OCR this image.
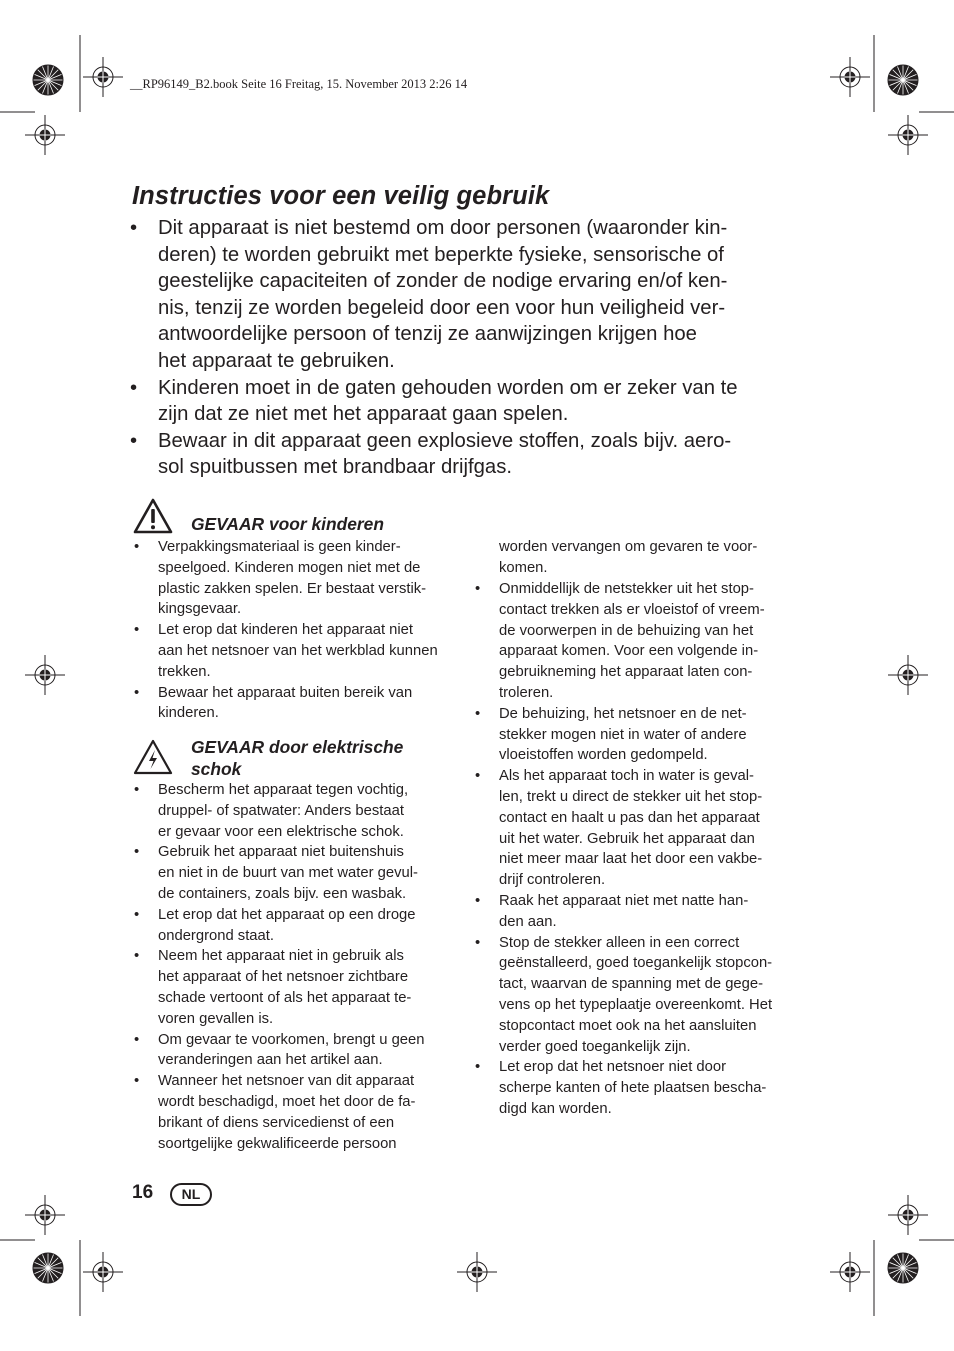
__RP96149_B2.book Seite 16 Freitag, 15. November 2013 2:26 14
Instructies voor een veilig gebruik
• Dit apparaat is niet bestemd om door personen (waaronder kin-
deren) te worden gebruikt met beperkte fysieke, sensorische of
geestelijke capaciteiten of zonder de nodige ervaring en/of ken-
nis, tenzij ze worden begeleid door een voor hun veiligheid ver-
antwoordelijke persoon of tenzij ze aanwijzingen krijgen hoe
het apparaat te gebruiken.
• Kinderen moet in de gaten gehouden worden om er zeker van te
zijn dat ze niet met het apparaat gaan spelen.
• Bewaar in dit apparaat geen explosieve stoffen, zoals bijv. aero-
sol spuitbussen met brandbaar drijfgas.
GEVAAR voor kinderen
• Verpakkingsmateriaal is geen kinder-
speelgoed. Kinderen mogen niet met de
plastic zakken spelen. Er bestaat verstik-
kingsgevaar.
• Let erop dat kinderen het apparaat niet
aan het netsnoer van het werkblad kunnen
trekken.
• Bewaar het apparaat buiten bereik van
kinderen.
GEVAAR door elektrische
schok
• Bescherm het apparaat tegen vochtig,
druppel- of spatwater: Anders bestaat
er gevaar voor een elektrische schok.
• Gebruik het apparaat niet buitenshuis
en niet in de buurt van met water gevul-
de containers, zoals bijv. een wasbak.
• Let erop dat het apparaat op een droge
ondergrond staat.
• Neem het apparaat niet in gebruik als
het apparaat of het netsnoer zichtbare
schade vertoont of als het apparaat te-
voren gevallen is.
• Om gevaar te voorkomen, brengt u geen
veranderingen aan het artikel aan.
• Wanneer het netsnoer van dit apparaat
wordt beschadigd, moet het door de fa-
brikant of diens servicedienst of een
soortgelijke gekwalificeerde persoon
worden vervangen om gevaren te voor-
komen.
• Onmiddellijk de netstekker uit het stop-
contact trekken als er vloeistof of vreem-
de voorwerpen in de behuizing van het
apparaat komen. Voor een volgende in-
gebruikneming het apparaat laten con-
troleren.
• De behuizing, het netsnoer en de net-
stekker mogen niet in water of andere
vloeistoffen worden gedompeld.
• Als het apparaat toch in water is geval-
len, trekt u direct de stekker uit het stop-
contact en haalt u pas dan het apparaat
uit het water. Gebruik het apparaat dan
niet meer maar laat het door een vakbe-
drijf controleren.
• Raak het apparaat niet met natte han-
den aan.
• Stop de stekker alleen in een correct
geënstalleerd, goed toegankelijk stopcon-
tact, waarvan de spanning met de gege-
vens op het typeplaatje overeenkomt. Het
stopcontact moet ook na het aansluiten
verder goed toegankelijk zijn.
• Let erop dat het netsnoer niet door
scherpe kanten of hete plaatsen bescha-
digd kan worden.
16	NL
